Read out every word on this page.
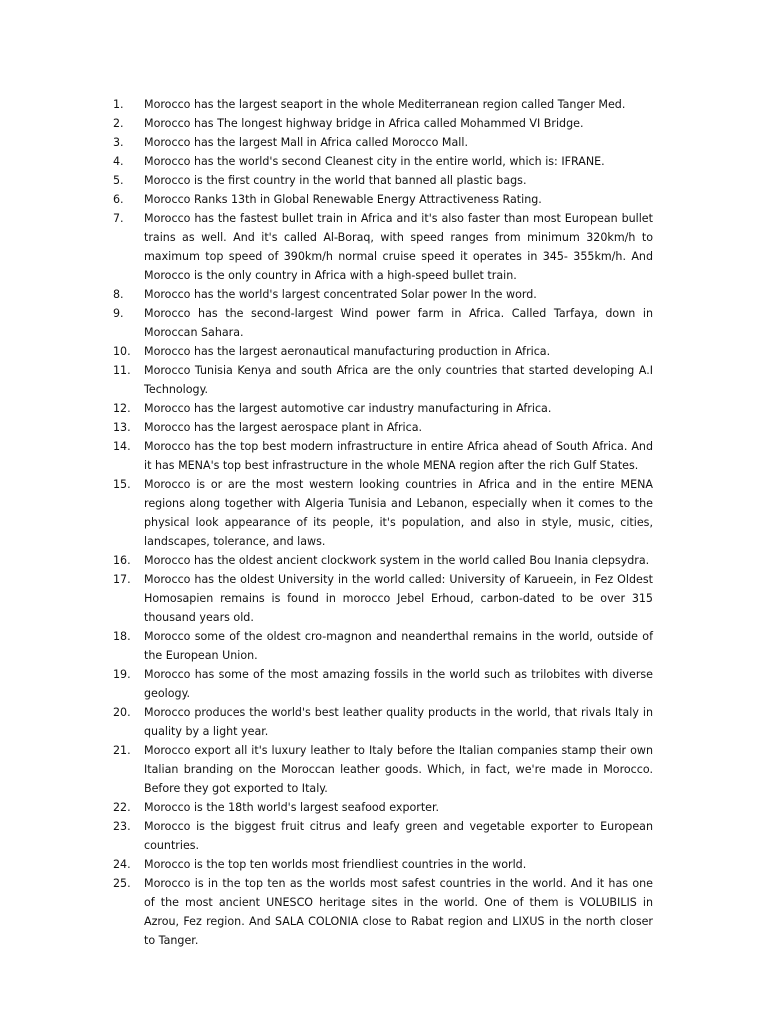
1.	Morocco has the largest seaport in the whole Mediterranean region called Tanger Med.
2.	Morocco has The longest highway bridge in Africa called Mohammed VI Bridge.
3.	Morocco has the largest Mall in Africa called Morocco Mall.
4.	Morocco has the world's second Cleanest city in the entire world, which is: IFRANE.
5.	Morocco is the first country in the world that banned all plastic bags.
6.	Morocco Ranks 13th in Global Renewable Energy Attractiveness Rating.
7.	Morocco has the fastest bullet train in Africa and it's also faster than most European bullet trains as well. And it's called Al-Boraq, with speed ranges from minimum 320km/h to maximum top speed of 390km/h normal cruise speed it operates in 345- 355km/h. And Morocco is the only country in Africa with a high-speed bullet train.
8.	Morocco has the world's largest concentrated Solar power In the word.
9.	Morocco has the second-largest Wind power farm in Africa. Called Tarfaya, down in Moroccan Sahara.
10.	Morocco has the largest aeronautical manufacturing production in Africa.
11.	Morocco Tunisia Kenya and south Africa are the only countries that started developing A.I Technology.
12.	Morocco has the largest automotive car industry manufacturing in Africa.
13.	Morocco has the largest aerospace plant in Africa.
14.	Morocco has the top best modern infrastructure in entire Africa ahead of South Africa. And it has MENA's top best infrastructure in the whole MENA region after the rich Gulf States.
15.	Morocco is or are the most western looking countries in Africa and in the entire MENA regions along together with Algeria Tunisia and Lebanon, especially when it comes to the physical look appearance of its people, it's population, and also in style, music, cities, landscapes, tolerance, and laws.
16.	Morocco has the oldest ancient clockwork system in the world called Bou Inania clepsydra.
17.	Morocco has the oldest University in the world called: University of Karueein, in Fez Oldest Homosapien remains is found in morocco Jebel Erhoud, carbon-dated to be over 315 thousand years old.
18.	Morocco some of the oldest cro-magnon and neanderthal remains in the world, outside of the European Union.
19.	Morocco has some of the most amazing fossils in the world such as trilobites with diverse geology.
20.	Morocco produces the world's best leather quality products in the world, that rivals Italy in quality by a light year.
21.	Morocco export all it's luxury leather to Italy before the Italian companies stamp their own Italian branding on the Moroccan leather goods. Which, in fact, we're made in Morocco. Before they got exported to Italy.
22.	Morocco is the 18th world's largest seafood exporter.
23.	Morocco is the biggest fruit citrus and leafy green and vegetable exporter to European countries.
24.	Morocco is the top ten worlds most friendliest countries in the world.
25.	Morocco is in the top ten as the worlds most safest countries in the world. And it has one of the most ancient UNESCO heritage sites in the world. One of them is VOLUBILIS in Azrou, Fez region. And SALA COLONIA close to Rabat region and LIXUS in the north closer to Tanger.
